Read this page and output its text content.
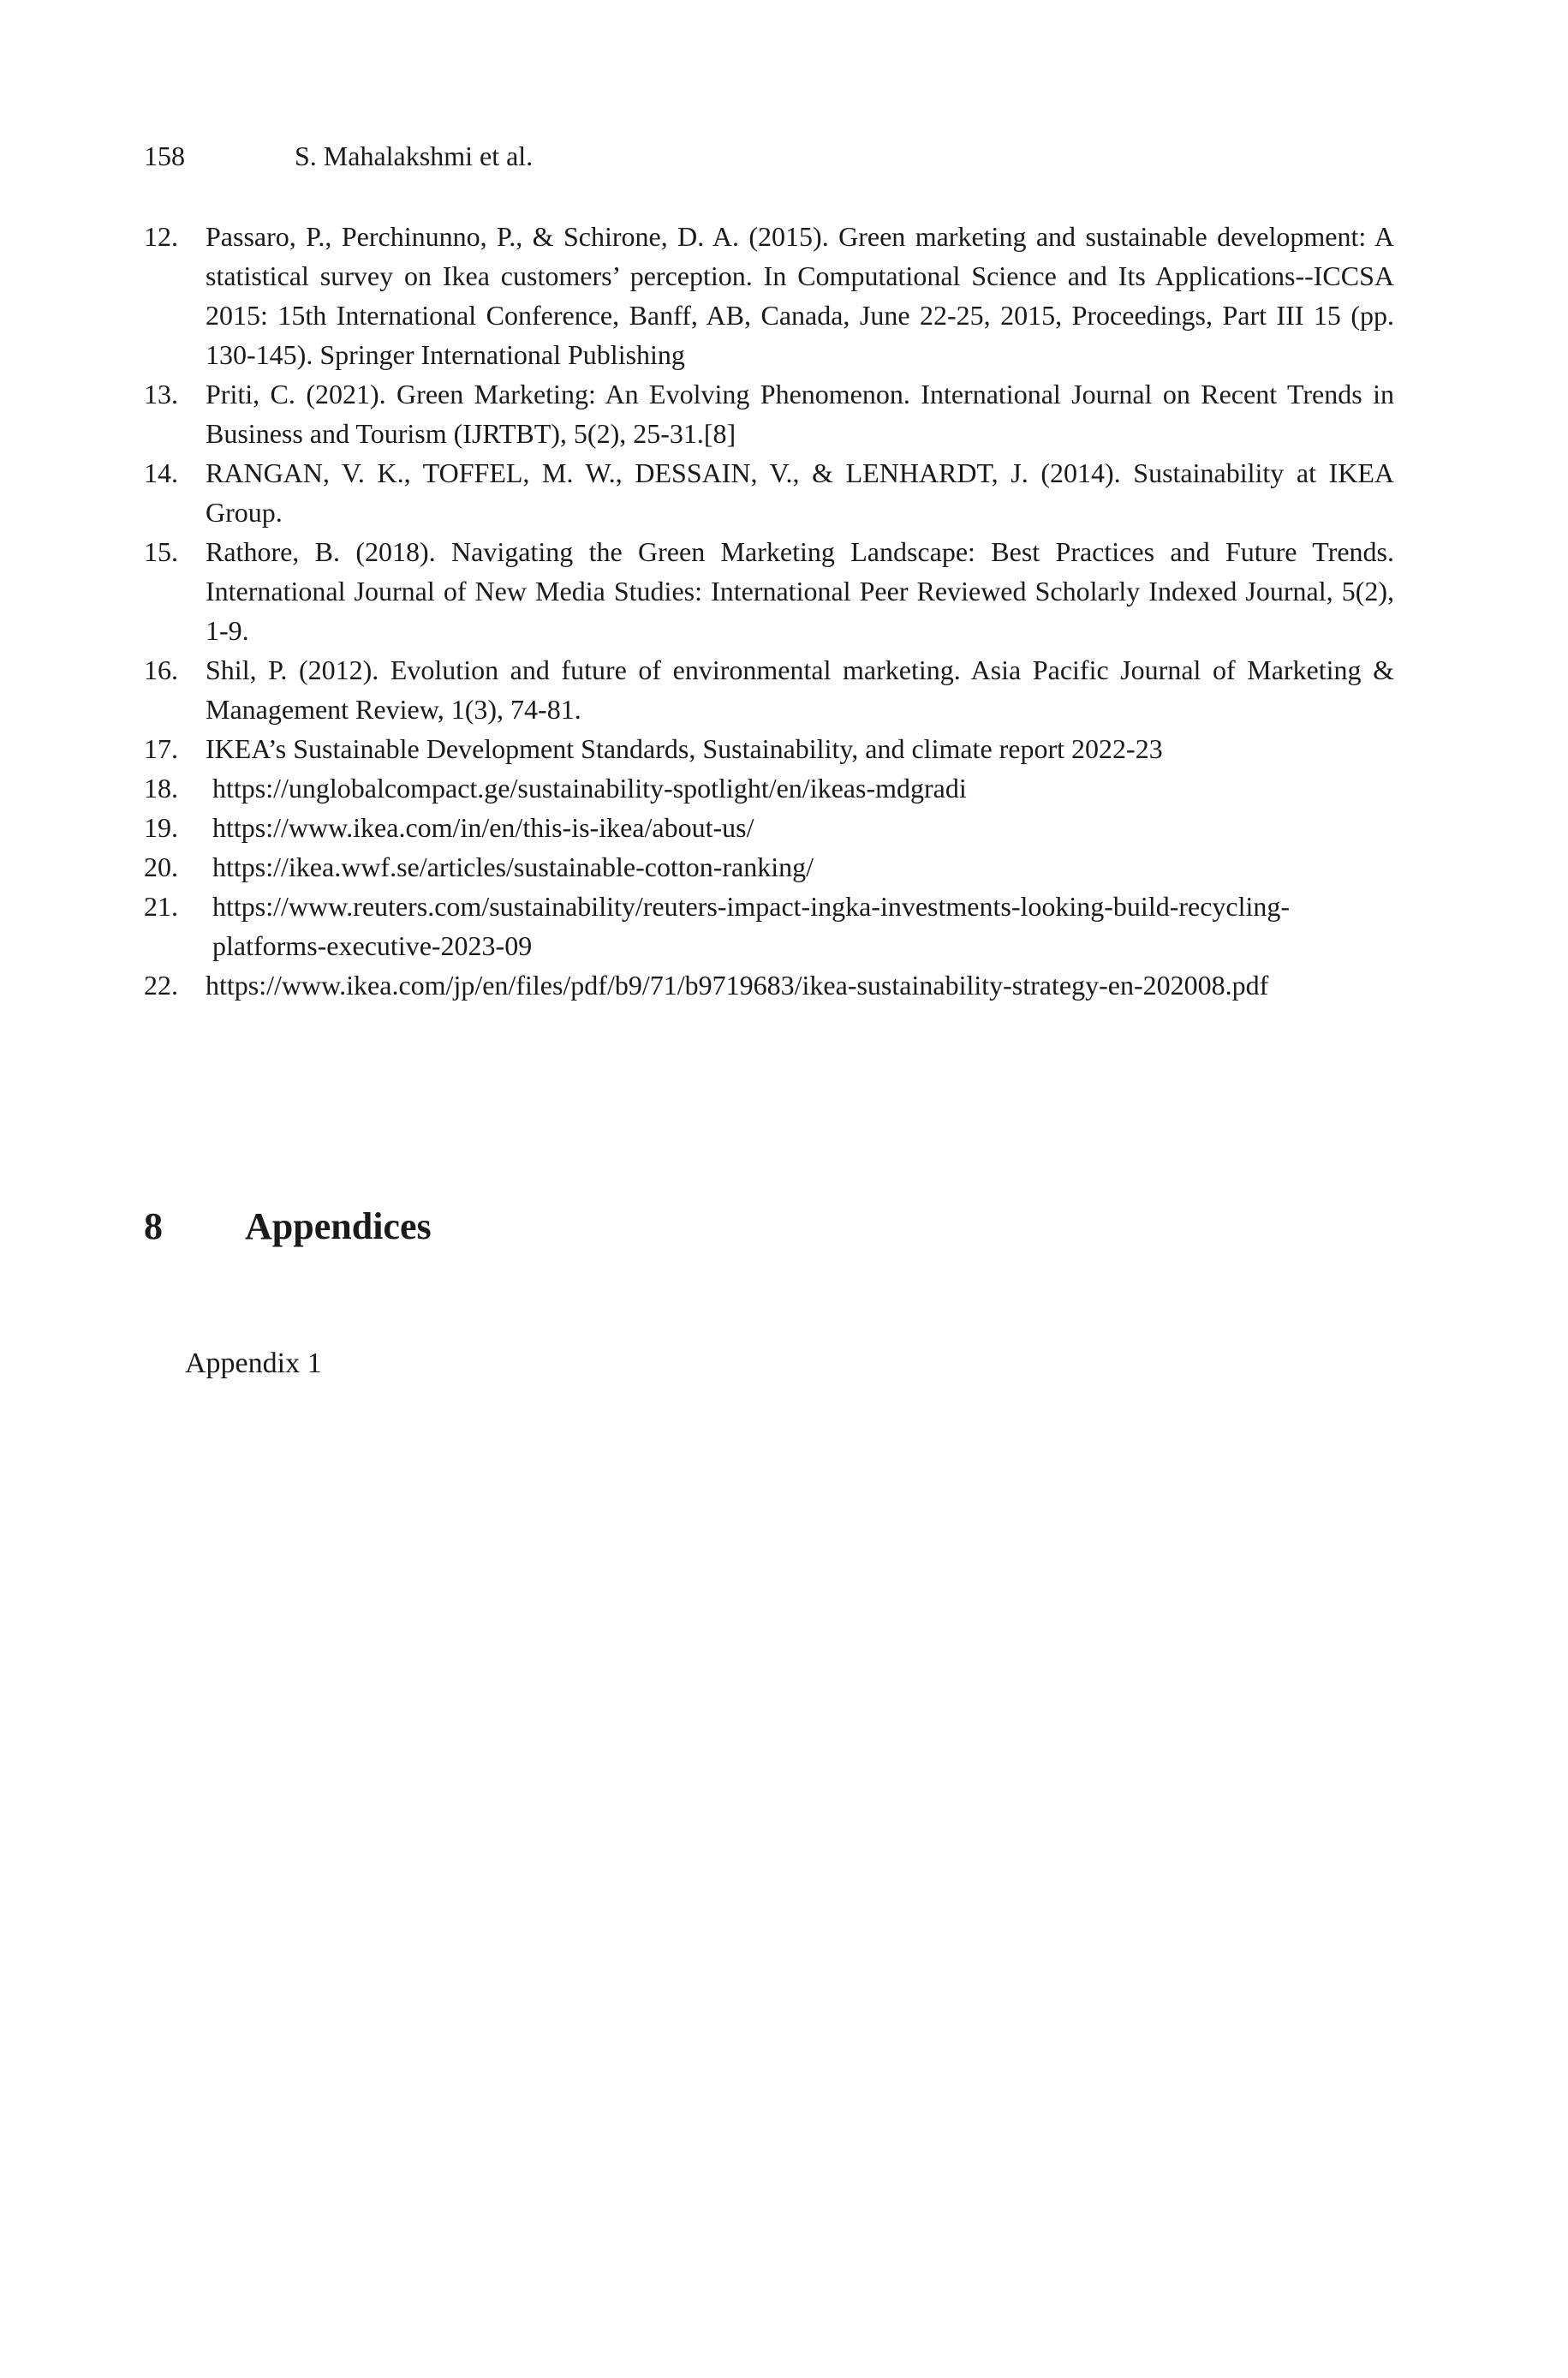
158	S. Mahalakshmi et al.
12.	Passaro, P., Perchinunno, P., & Schirone, D. A. (2015). Green marketing and sustainable development: A statistical survey on Ikea customers’ perception. In Computational Science and Its Applications--ICCSA 2015: 15th International Conference, Banff, AB, Canada, June 22-25, 2015, Proceedings, Part III 15 (pp. 130-145). Springer International Publishing
13.	Priti, C. (2021). Green Marketing: An Evolving Phenomenon. International Journal on Recent Trends in Business and Tourism (IJRTBT), 5(2), 25-31.[8]
14.	RANGAN, V. K., TOFFEL, M. W., DESSAIN, V., & LENHARDT, J. (2014). Sustainability at IKEA Group.
15.	Rathore, B. (2018). Navigating the Green Marketing Landscape: Best Practices and Future Trends. International Journal of New Media Studies: International Peer Reviewed Scholarly Indexed Journal, 5(2), 1-9.
16.	Shil, P. (2012). Evolution and future of environmental marketing. Asia Pacific Journal of Marketing & Management Review, 1(3), 74-81.
17.	IKEA’s Sustainable Development Standards, Sustainability, and climate report 2022-23
18.	https://unglobalcompact.ge/sustainability-spotlight/en/ikeas-mdgradi
19.	https://www.ikea.com/in/en/this-is-ikea/about-us/
20.	https://ikea.wwf.se/articles/sustainable-cotton-ranking/
21.	https://www.reuters.com/sustainability/reuters-impact-ingka-investments-looking-build-recycling-platforms-executive-2023-09
22.	https://www.ikea.com/jp/en/files/pdf/b9/71/b9719683/ikea-sustainability-strategy-en-202008.pdf
8 Appendices
Appendix 1
